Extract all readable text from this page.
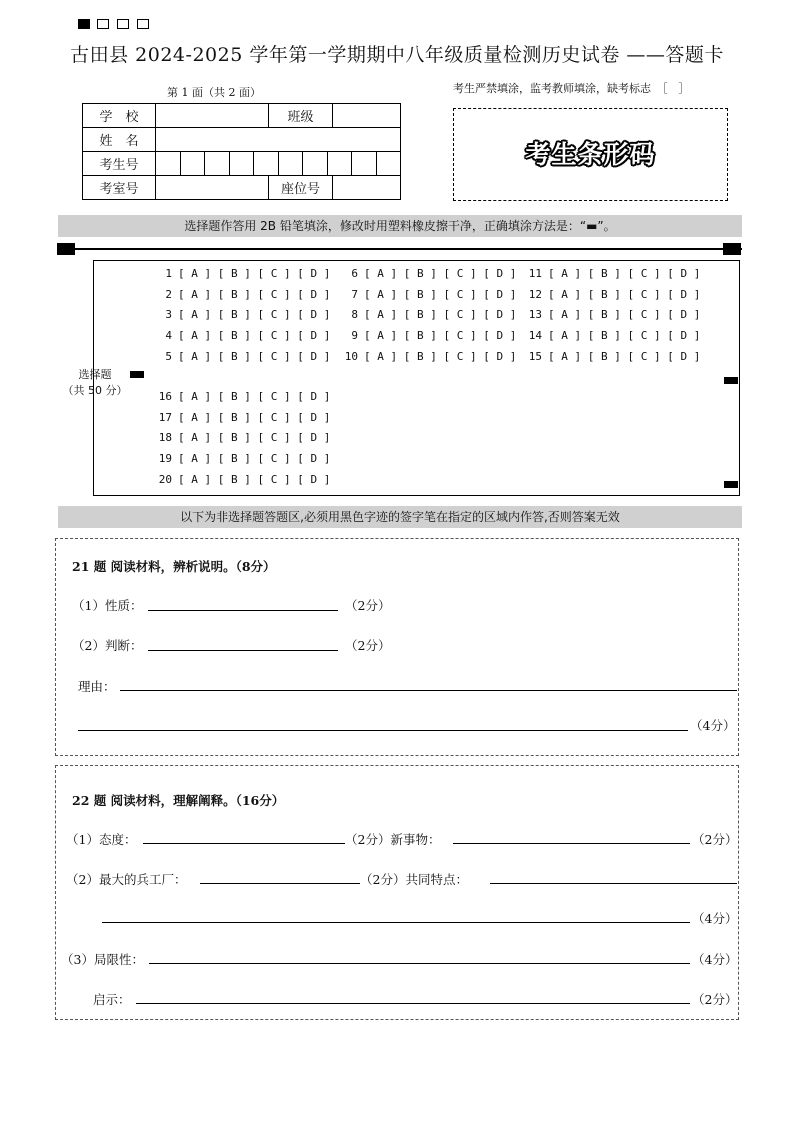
古田县 2024-2025 学年第一学期期中八年级质量检测历史试卷 ——答题卡
第 1 面（共 2 面）
学　校		班级	
姓　名			
考生号			

考室号		座位号	
考生严禁填涂，监考教师填涂，缺考标志　［　］
考生条形码
选择题作答用 2B 铅笔填涂，修改时用塑料橡皮擦干净，正确填涂方法是：“▬”。
选择题
（共 50 分）
1 [ A ] [ B ] [ C ] [ D ]
2 [ A ] [ B ] [ C ] [ D ]
3 [ A ] [ B ] [ C ] [ D ]
4 [ A ] [ B ] [ C ] [ D ]
5 [ A ] [ B ] [ C ] [ D ]
6 [ A ] [ B ] [ C ] [ D ]
7 [ A ] [ B ] [ C ] [ D ]
8 [ A ] [ B ] [ C ] [ D ]
9 [ A ] [ B ] [ C ] [ D ]
10 [ A ] [ B ] [ C ] [ D ]
11 [ A ] [ B ] [ C ] [ D ]
12 [ A ] [ B ] [ C ] [ D ]
13 [ A ] [ B ] [ C ] [ D ]
14 [ A ] [ B ] [ C ] [ D ]
15 [ A ] [ B ] [ C ] [ D ]
16 [ A ] [ B ] [ C ] [ D ]
17 [ A ] [ B ] [ C ] [ D ]
18 [ A ] [ B ] [ C ] [ D ]
19 [ A ] [ B ] [ C ] [ D ]
20 [ A ] [ B ] [ C ] [ D ]
以下为非选择题答题区,必须用黑色字迹的签字笔在指定的区域内作答,否则答案无效
21 题 阅读材料，辨析说明。（8分）
（1）性质：	（2分）
（2）判断：	（2分）
理由：
（4分）
22 题 阅读材料，理解阐释。（16分）
（1）态度：	（2分）新事物：	（2分）
（2）最大的兵工厂：	（2分）共同特点：
（4分）
（3）局限性：	（4分）
启示：	（2分）
